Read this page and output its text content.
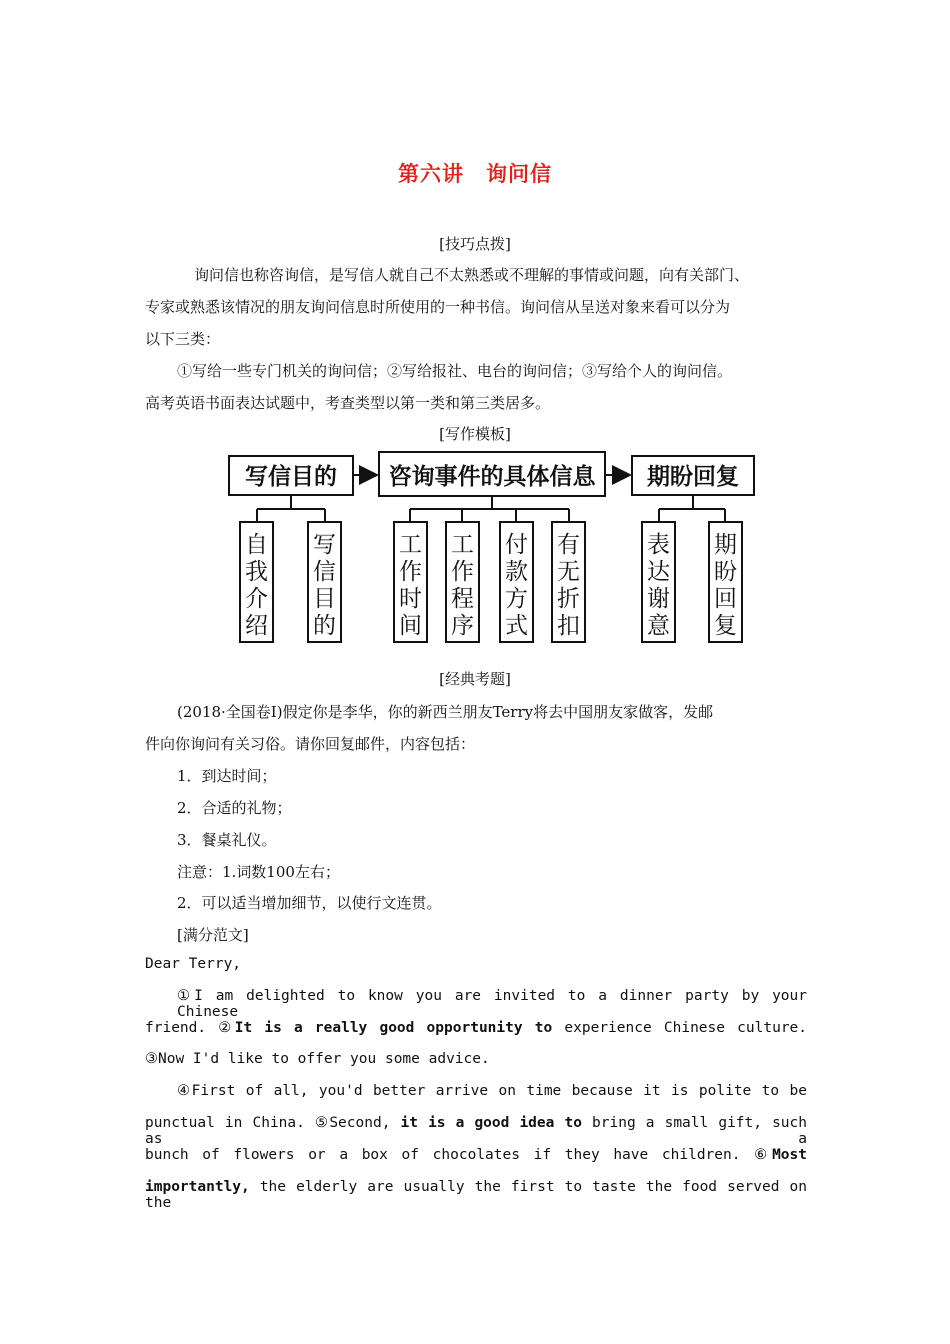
第六讲　询问信
[技巧点拨]
询问信也称咨询信，是写信人就自己不太熟悉或不理解的事情或问题，向有关部门、
专家或熟悉该情况的朋友询问信息时所使用的一种书信。询问信从呈送对象来看可以分为
以下三类：
①写给一些专门机关的询问信；②写给报社、电台的询问信；③写给个人的询问信。
高考英语书面表达试题中，考查类型以第一类和第三类居多。
[写作模板]
写信目的 咨询事件的具体信息 期盼回复
自
我
介
绍
写
信
目
的
工
作
时
间
工
作
程
序
付
款
方
式
有
无
折
扣
表
达
谢
意
期
盼
回
复
[经典考题]
(2018·全国卷Ⅰ)假定你是李华，你的新西兰朋友Terry将去中国朋友家做客，发邮
件向你询问有关习俗。请你回复邮件，内容包括：
1．到达时间；
2．合适的礼物；
3．餐桌礼仪。
注意：1.词数100左右；
2．可以适当增加细节，以使行文连贯。
[满分范文]
Dear Terry,
①I am delighted to know you are invited to a dinner party by your Chinese
friend. ②It is a really good opportunity to experience Chinese culture.
③Now I'd like to offer you some advice.
④First of all, you'd better arrive on time because it is polite to be
punctual in China. ⑤Second, it is a good idea to bring a small gift, such as a
bunch of flowers or a box of chocolates if they have children. ⑥Most
importantly, the elderly are usually the first to taste the food served on the
